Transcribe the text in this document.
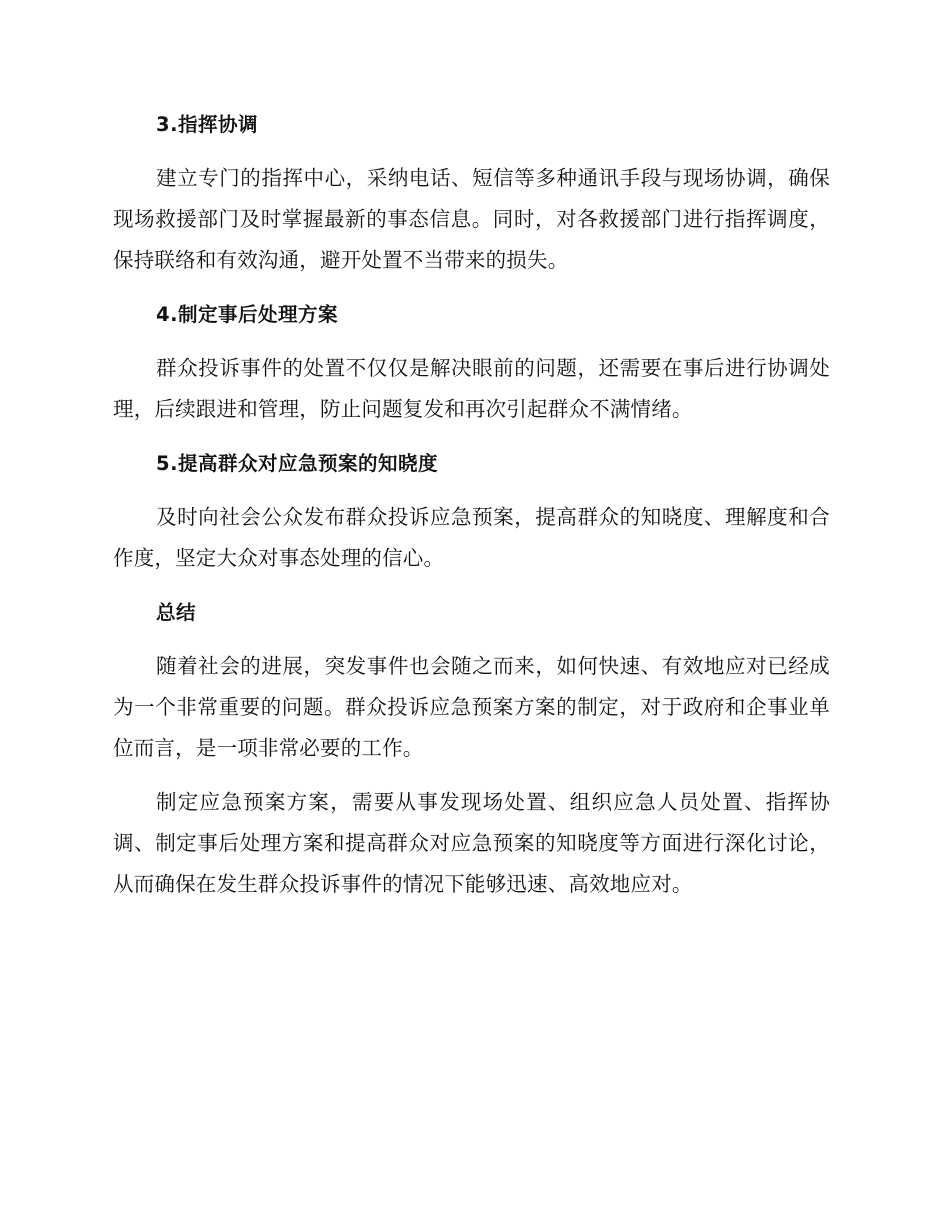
3.指挥协调

建立专门的指挥中心，采纳电话、短信等多种通讯手段与现场协调，确保现场救援部门及时掌握最新的事态信息。同时，对各救援部门进行指挥调度，保持联络和有效沟通，避开处置不当带来的损失。

4.制定事后处理方案

群众投诉事件的处置不仅仅是解决眼前的问题，还需要在事后进行协调处理，后续跟进和管理，防止问题复发和再次引起群众不满情绪。

5.提高群众对应急预案的知晓度

及时向社会公众发布群众投诉应急预案，提高群众的知晓度、理解度和合作度，坚定大众对事态处理的信心。

总结

随着社会的进展，突发事件也会随之而来，如何快速、有效地应对已经成为一个非常重要的问题。群众投诉应急预案方案的制定，对于政府和企事业单位而言，是一项非常必要的工作。

制定应急预案方案，需要从事发现场处置、组织应急人员处置、指挥协调、制定事后处理方案和提高群众对应急预案的知晓度等方面进行深化讨论，从而确保在发生群众投诉事件的情况下能够迅速、高效地应对。
